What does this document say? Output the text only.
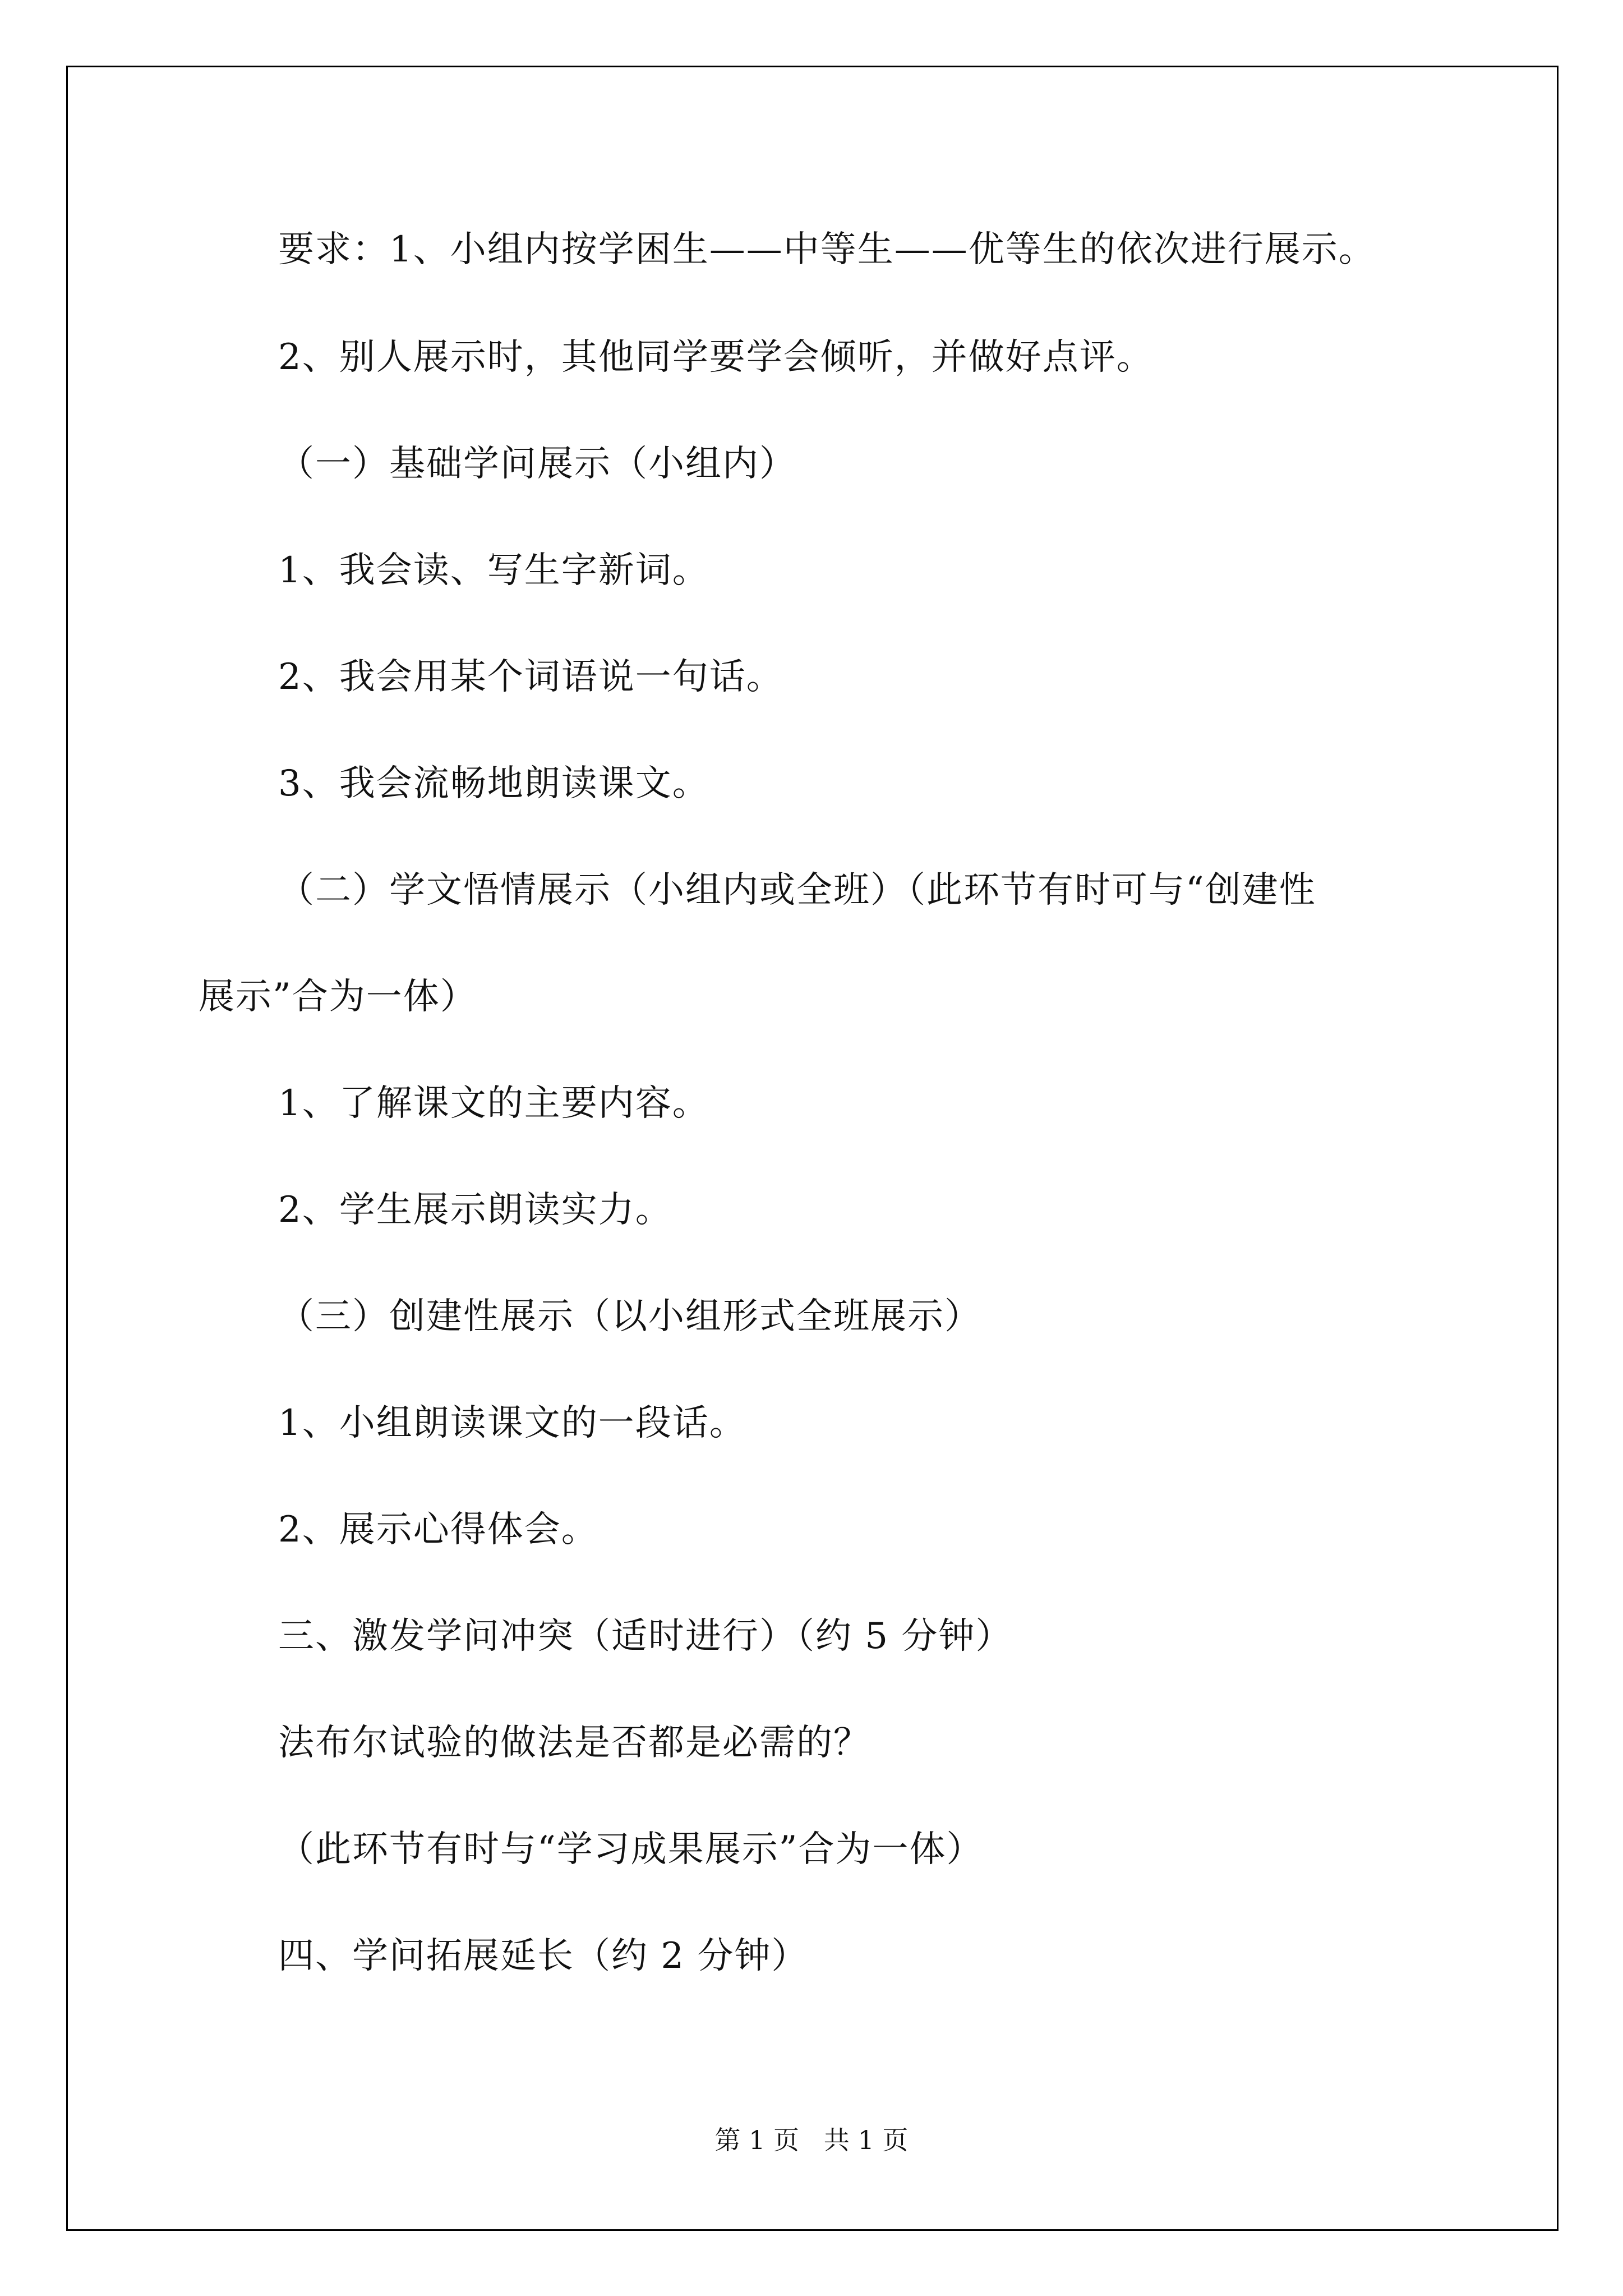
要求：1、小组内按学困生——中等生——优等生的依次进行展示。
2、别人展示时，其他同学要学会倾听，并做好点评。
（一）基础学问展示（小组内）
1、我会读、写生字新词。
2、我会用某个词语说一句话。
3、我会流畅地朗读课文。
（二）学文悟情展示（小组内或全班）（此环节有时可与“创建性
展示”合为一体）
1、了解课文的主要内容。
2、学生展示朗读实力。
（三）创建性展示（以小组形式全班展示）
1、小组朗读课文的一段话。
2、展示心得体会。
三、激发学问冲突（适时进行）（约 5 分钟）
法布尔试验的做法是否都是必需的？
（此环节有时与“学习成果展示”合为一体）
四、学问拓展延长（约 2 分钟）
第 1 页   共 1 页
